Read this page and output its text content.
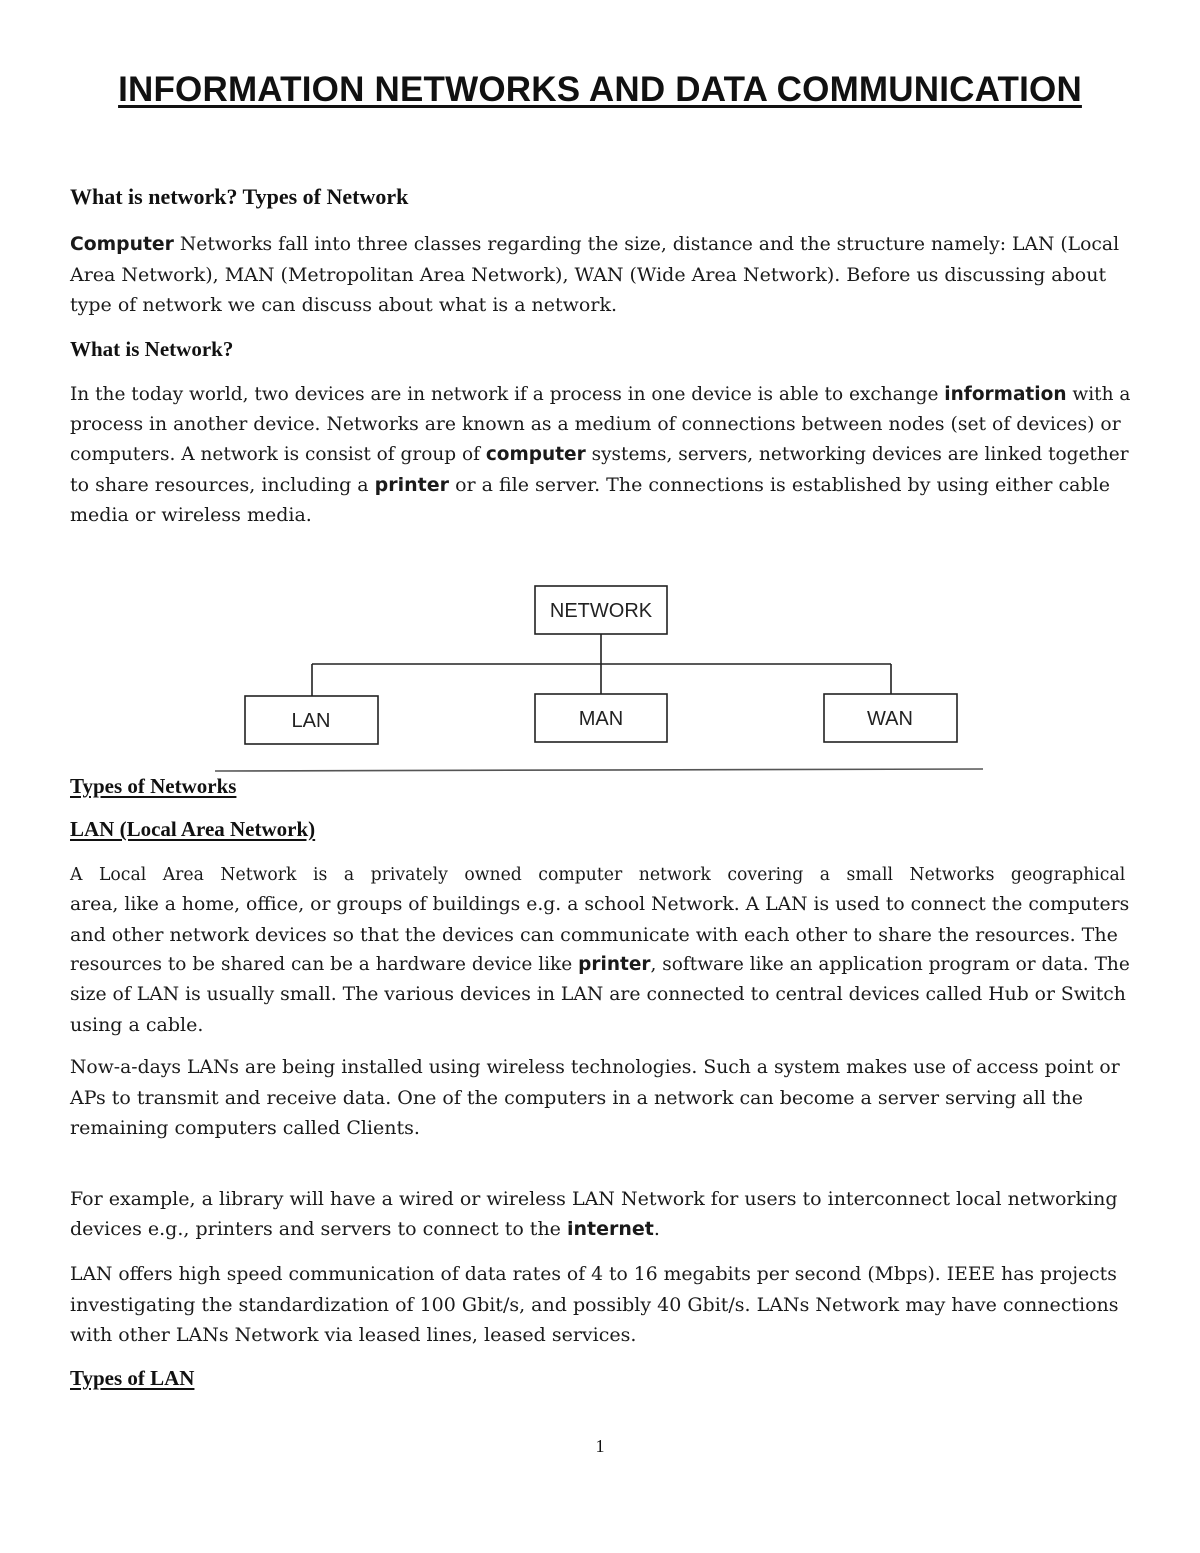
INFORMATION NETWORKS AND DATA COMMUNICATION
What is network? Types of Network
Computer Networks fall into three classes regarding the size, distance and the structure namely: LAN (Local
Area Network), MAN (Metropolitan Area Network), WAN (Wide Area Network). Before us discussing about
type of network we can discuss about what is a network.
What is Network?
In the today world, two devices are in network if a process in one device is able to exchange information with a
process in another device. Networks are known as a medium of connections between nodes (set of devices) or
computers. A network is consist of group of computer systems, servers, networking devices are linked together
to share resources, including a printer or a file server. The connections is established by using either cable
media or wireless media.
NETWORK
LAN	MAN	WAN
Types of Networks
LAN (Local Area Network)
A Local Area Network is a privately owned computer network covering a small Networks geographical
area, like a home, office, or groups of buildings e.g. a school Network. A LAN is used to connect the computers
and other network devices so that the devices can communicate with each other to share the resources. The
resources to be shared can be a hardware device like printer, software like an application program or data. The
size of LAN is usually small. The various devices in LAN are connected to central devices called Hub or Switch
using a cable.
Now-a-days LANs are being installed using wireless technologies. Such a system makes use of access point or
APs to transmit and receive data. One of the computers in a network can become a server serving all the
remaining computers called Clients.
For example, a library will have a wired or wireless LAN Network for users to interconnect local networking
devices e.g., printers and servers to connect to the internet.
LAN offers high speed communication of data rates of 4 to 16 megabits per second (Mbps). IEEE has projects
investigating the standardization of 100 Gbit/s, and possibly 40 Gbit/s. LANs Network may have connections
with other LANs Network via leased lines, leased services.
Types of LAN
1
